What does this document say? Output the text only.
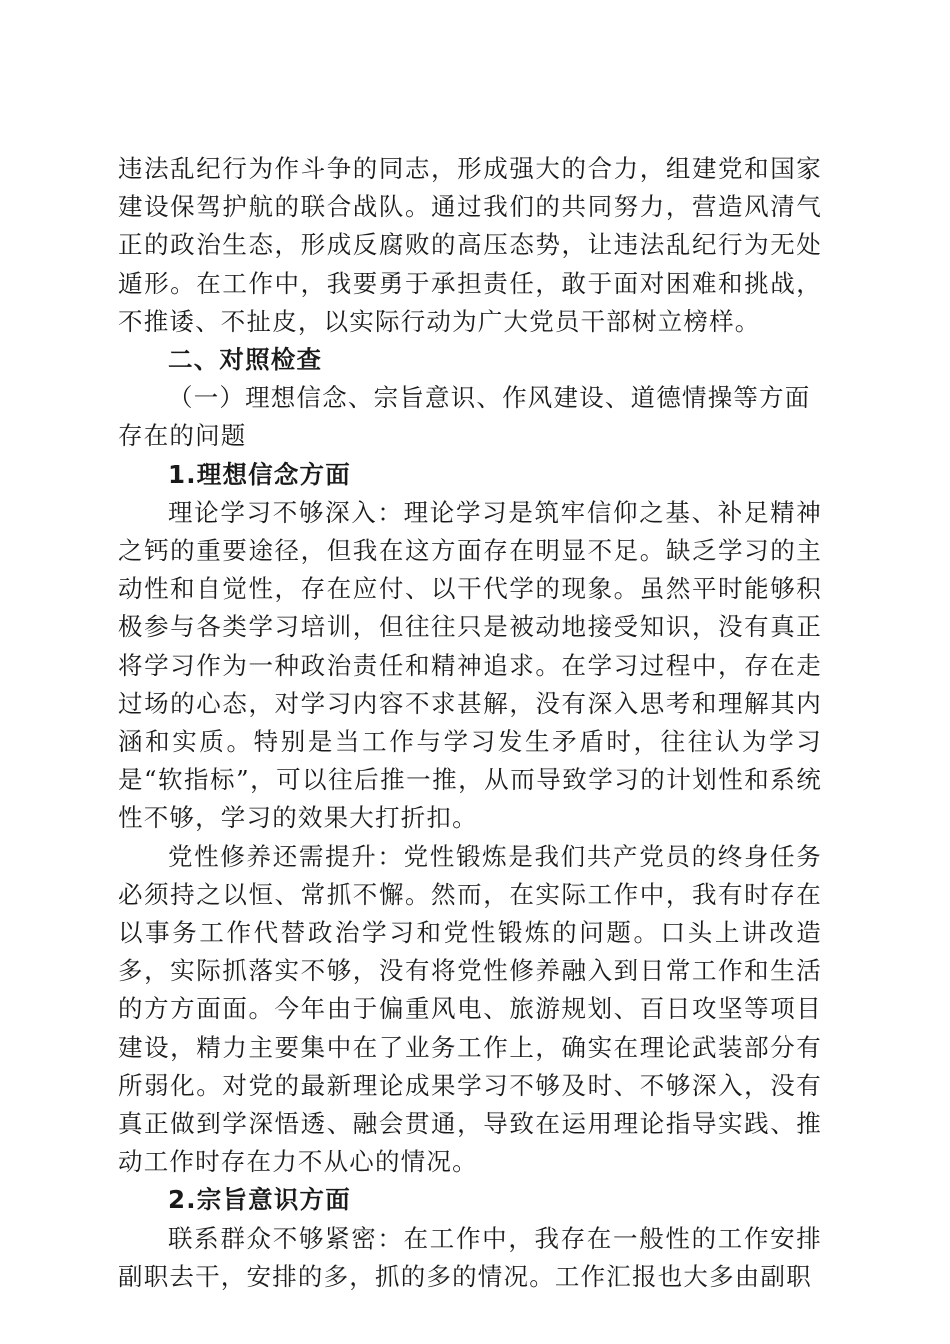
违法乱纪行为作斗争的同志，形成强大的合力，组建党和国家建设保驾护航的联合战队。通过我们的共同努力，营造风清气正的政治生态，形成反腐败的高压态势，让违法乱纪行为无处遁形。在工作中，我要勇于承担责任，敢于面对困难和挑战，不推诿、不扯皮，以实际行动为广大党员干部树立榜样。

二、对照检查

（一）理想信念、宗旨意识、作风建设、道德情操等方面存在的问题

1.理想信念方面

理论学习不够深入：理论学习是筑牢信仰之基、补足精神之钙的重要途径，但我在这方面存在明显不足。缺乏学习的主动性和自觉性，存在应付、以干代学的现象。虽然平时能够积极参与各类学习培训，但往往只是被动地接受知识，没有真正将学习作为一种政治责任和精神追求。在学习过程中，存在走过场的心态，对学习内容不求甚解，没有深入思考和理解其内涵和实质。特别是当工作与学习发生矛盾时，往往认为学习是“软指标”，可以往后推一推，从而导致学习的计划性和系统性不够，学习的效果大打折扣。

党性修养还需提升：党性锻炼是我们共产党员的终身任务必须持之以恒、常抓不懈。然而，在实际工作中，我有时存在以事务工作代替政治学习和党性锻炼的问题。口头上讲改造多，实际抓落实不够，没有将党性修养融入到日常工作和生活的方方面面。今年由于偏重风电、旅游规划、百日攻坚等项目建设，精力主要集中在了业务工作上，确实在理论武装部分有所弱化。对党的最新理论成果学习不够及时、不够深入，没有真正做到学深悟透、融会贯通，导致在运用理论指导实践、推动工作时存在力不从心的情况。

2.宗旨意识方面

联系群众不够紧密：在工作中，我存在一般性的工作安排副职去干，安排的多，抓的多的情况。工作汇报也大多由副职
